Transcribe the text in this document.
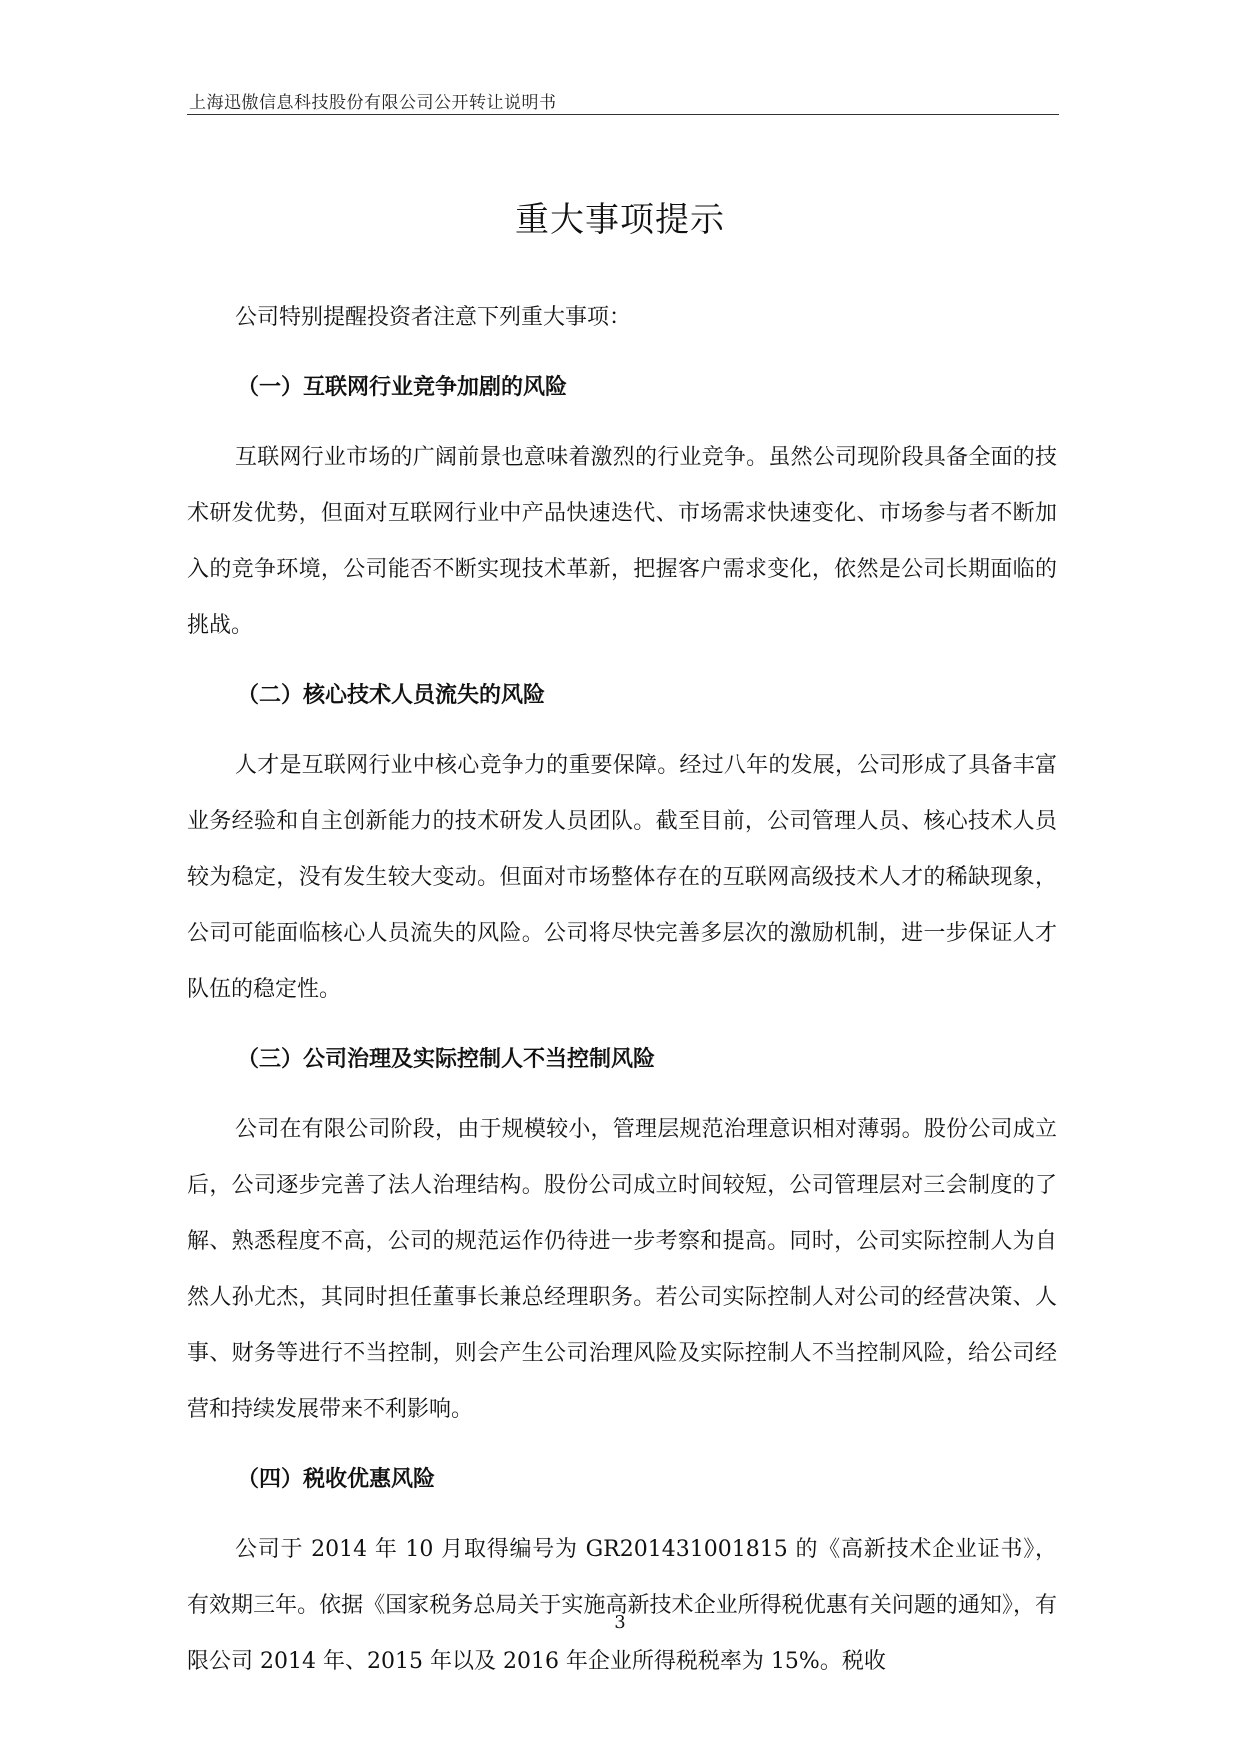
上海迅傲信息科技股份有限公司公开转让说明书
重大事项提示

公司特别提醒投资者注意下列重大事项：

（一）互联网行业竞争加剧的风险

互联网行业市场的广阔前景也意味着激烈的行业竞争。虽然公司现阶段具备全面的技术研发优势，但面对互联网行业中产品快速迭代、市场需求快速变化、市场参与者不断加入的竞争环境，公司能否不断实现技术革新，把握客户需求变化，依然是公司长期面临的挑战。

（二）核心技术人员流失的风险

人才是互联网行业中核心竞争力的重要保障。经过八年的发展，公司形成了具备丰富业务经验和自主创新能力的技术研发人员团队。截至目前，公司管理人员、核心技术人员较为稳定，没有发生较大变动。但面对市场整体存在的互联网高级技术人才的稀缺现象，公司可能面临核心人员流失的风险。公司将尽快完善多层次的激励机制，进一步保证人才队伍的稳定性。

（三）公司治理及实际控制人不当控制风险

公司在有限公司阶段，由于规模较小，管理层规范治理意识相对薄弱。股份公司成立后，公司逐步完善了法人治理结构。股份公司成立时间较短，公司管理层对三会制度的了解、熟悉程度不高，公司的规范运作仍待进一步考察和提高。同时，公司实际控制人为自然人孙尤杰，其同时担任董事长兼总经理职务。若公司实际控制人对公司的经营决策、人事、财务等进行不当控制，则会产生公司治理风险及实际控制人不当控制风险，给公司经营和持续发展带来不利影响。

（四）税收优惠风险

公司于 2014 年 10 月取得编号为 GR201431001815 的《高新技术企业证书》，有效期三年。依据《国家税务总局关于实施高新技术企业所得税优惠有关问题的通知》，有限公司 2014 年、2015 年以及 2016 年企业所得税税率为 15%。税收

3
